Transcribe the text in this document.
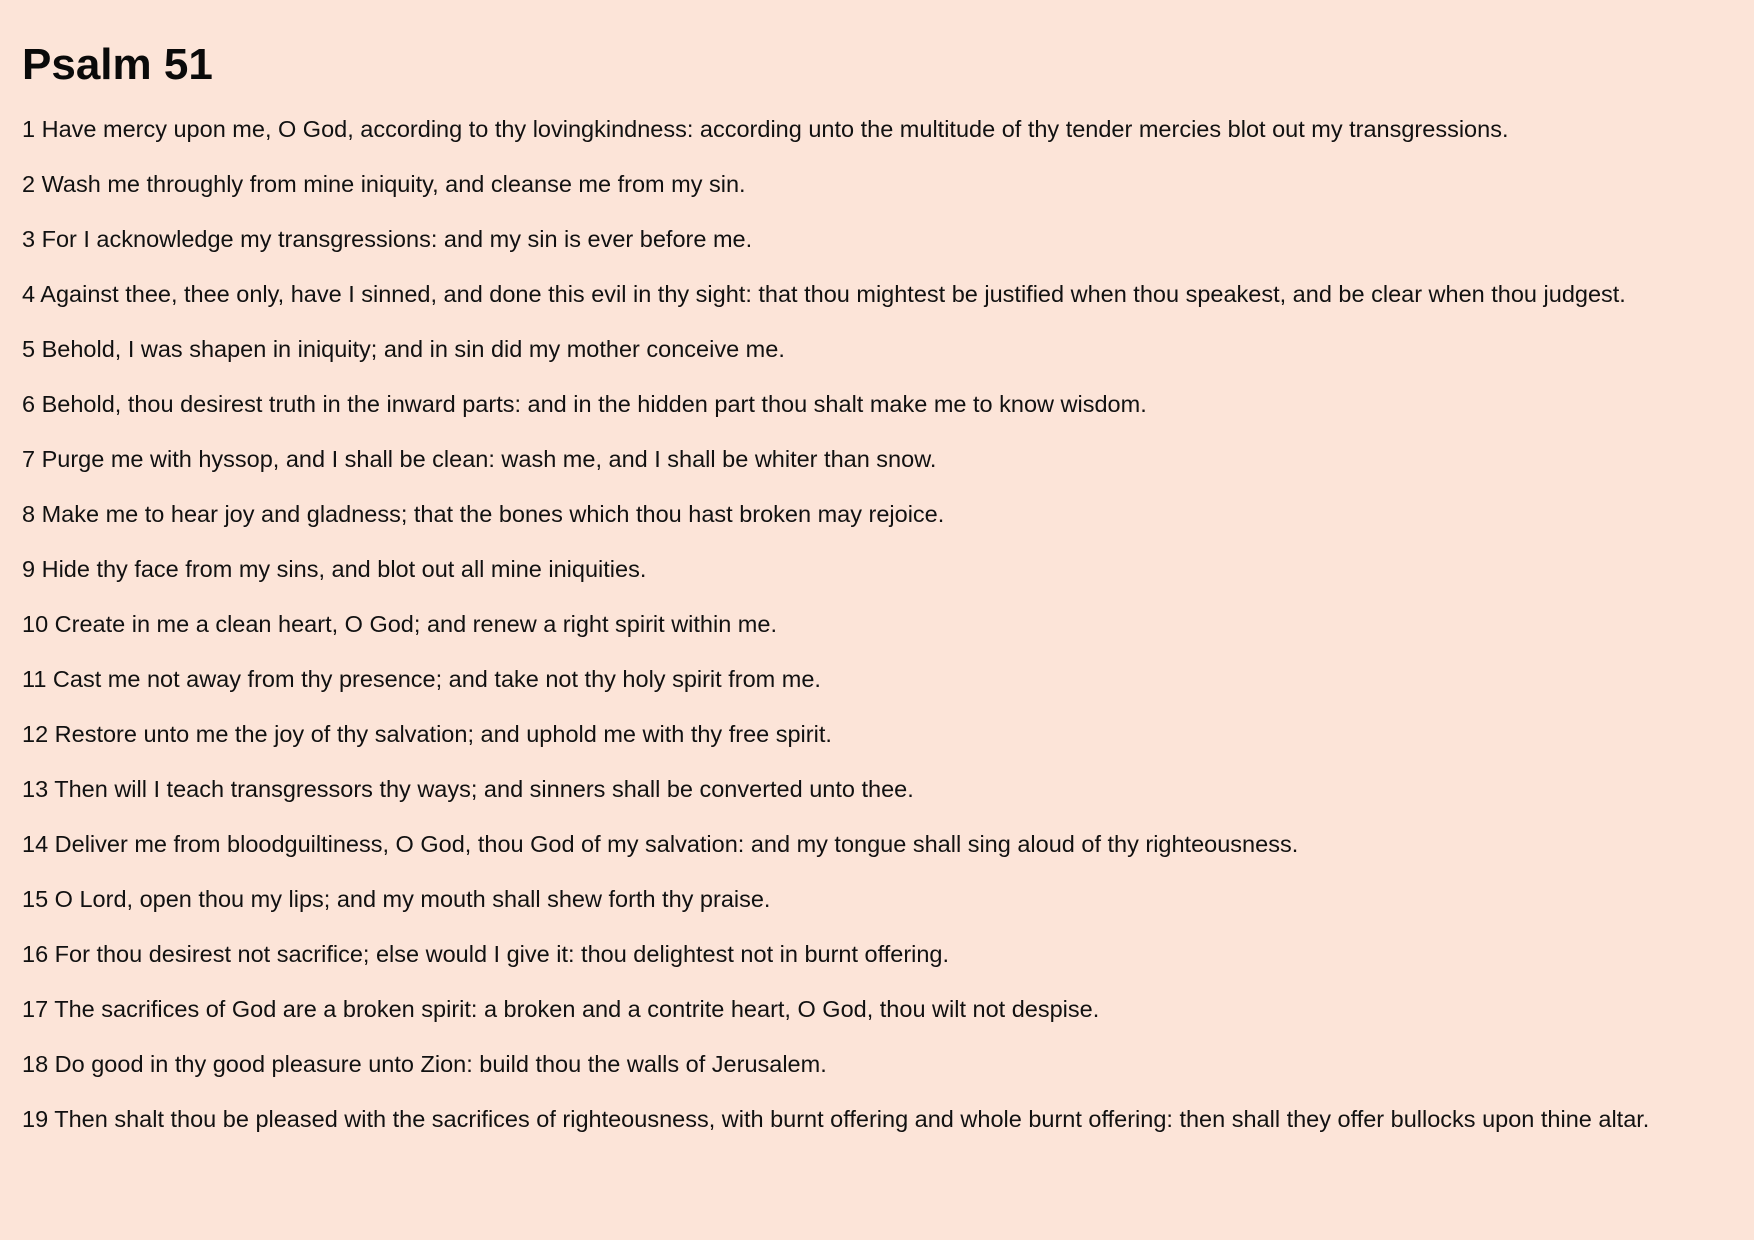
Psalm 51

1 Have mercy upon me, O God, according to thy lovingkindness: according unto the multitude of thy tender mercies blot out my transgressions.

2 Wash me throughly from mine iniquity, and cleanse me from my sin.

3 For I acknowledge my transgressions: and my sin is ever before me.

4 Against thee, thee only, have I sinned, and done this evil in thy sight: that thou mightest be justified when thou speakest, and be clear when thou judgest.

5 Behold, I was shapen in iniquity; and in sin did my mother conceive me.

6 Behold, thou desirest truth in the inward parts: and in the hidden part thou shalt make me to know wisdom.

7 Purge me with hyssop, and I shall be clean: wash me, and I shall be whiter than snow.

8 Make me to hear joy and gladness; that the bones which thou hast broken may rejoice.

9 Hide thy face from my sins, and blot out all mine iniquities.

10 Create in me a clean heart, O God; and renew a right spirit within me.

11 Cast me not away from thy presence; and take not thy holy spirit from me.

12 Restore unto me the joy of thy salvation; and uphold me with thy free spirit.

13 Then will I teach transgressors thy ways; and sinners shall be converted unto thee.

14 Deliver me from bloodguiltiness, O God, thou God of my salvation: and my tongue shall sing aloud of thy righteousness.

15 O Lord, open thou my lips; and my mouth shall shew forth thy praise.

16 For thou desirest not sacrifice; else would I give it: thou delightest not in burnt offering.

17 The sacrifices of God are a broken spirit: a broken and a contrite heart, O God, thou wilt not despise.

18 Do good in thy good pleasure unto Zion: build thou the walls of Jerusalem.

19 Then shalt thou be pleased with the sacrifices of righteousness, with burnt offering and whole burnt offering: then shall they offer bullocks upon thine altar.
